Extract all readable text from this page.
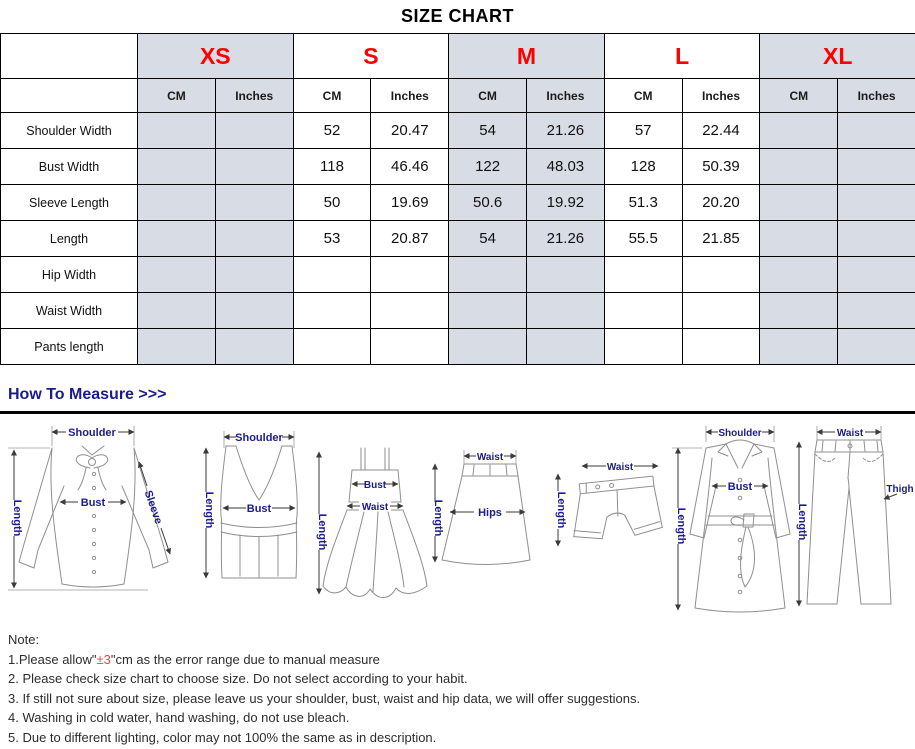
SIZE CHART
	XS		S		M		L		XL	
	CM	Inches	CM	Inches	CM	Inches	CM	Inches	CM	Inches
Shoulder Width			52	20.47	54	21.26	57	22.44		
Bust Width			118	46.46	122	48.03	128	50.39		
Sleeve Length			50	19.69	50.6	19.92	51.3	20.20		
Length			53	20.87	54	21.26	55.5	21.85		
Hip Width										
Waist Width										
Pants length										
How To Measure >>>
Shoulder
Bust	Sleeve
Length
Shoulder
Bust
Length
Bust
Waist
Length
Waist
Hips
Length
Waist
Length
Shoulder
Bust
Length
Waist
Thigh
Length
Note:
1.Please allow"±3"cm as the error range due to manual measure
2. Please check size chart to choose size. Do not select according to your habit.
3. If still not sure about size, please leave us your shoulder, bust, waist and hip data, we will offer suggestions.
4. Washing in cold water, hand washing, do not use bleach.
5. Due to different lighting, color may not 100% the same as in description.
